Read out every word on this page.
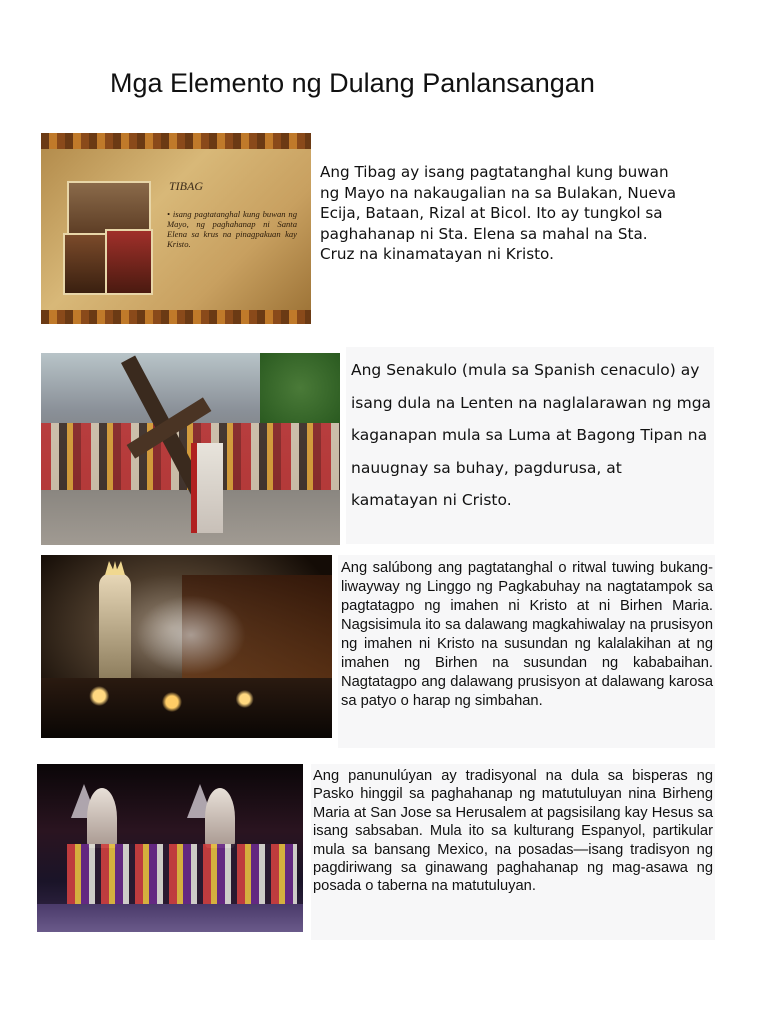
Mga Elemento ng Dulang Panlansangan
TIBAG
• isang pagtatanghal kung buwan ng Mayo, ng paghahanap ni Santa Elena sa krus na pinagpakuan kay Kristo.
Ang Tibag ay isang pagtatanghal kung buwan ng Mayo na nakaugalian na sa Bulakan, Nueva Ecija, Bataan, Rizal at Bicol. Ito ay tungkol sa paghahanap ni Sta. Elena sa mahal na Sta. Cruz na kinamatayan ni Kristo.
Ang Senakulo (mula sa Spanish cenaculo) ay isang dula na Lenten na naglalarawan ng mga kaganapan mula sa Luma at Bagong Tipan na nauugnay sa buhay, pagdurusa, at kamatayan ni Cristo.
Ang salúbong ang pagtatanghal o ritwal tuwing bukang-liwayway ng Linggo ng Pagkabuhay na nagtatampok sa pagtatagpo ng imahen ni Kristo at ni Birhen Maria. Nagsisimula ito sa dalawang magkahiwalay na prusisyon ng imahen ni Kristo na susundan ng kalalakihan at ng imahen ng Birhen na susundan ng kababaihan. Nagtatagpo ang dalawang prusisyon at dalawang karosa sa patyo o harap ng simbahan.
Ang panunulúyan ay tradisyonal na dula sa bisperas ng Pasko hinggil sa paghahanap ng matutuluyan nina Birheng Maria at San Jose sa Herusalem at pagsisilang kay Hesus sa isang sabsaban. Mula ito sa kulturang Espanyol, partikular mula sa bansang Mexico, na posadas—isang tradisyon ng pagdiriwang sa ginawang paghahanap ng mag-asawa ng posada o taberna na matutuluyan.
